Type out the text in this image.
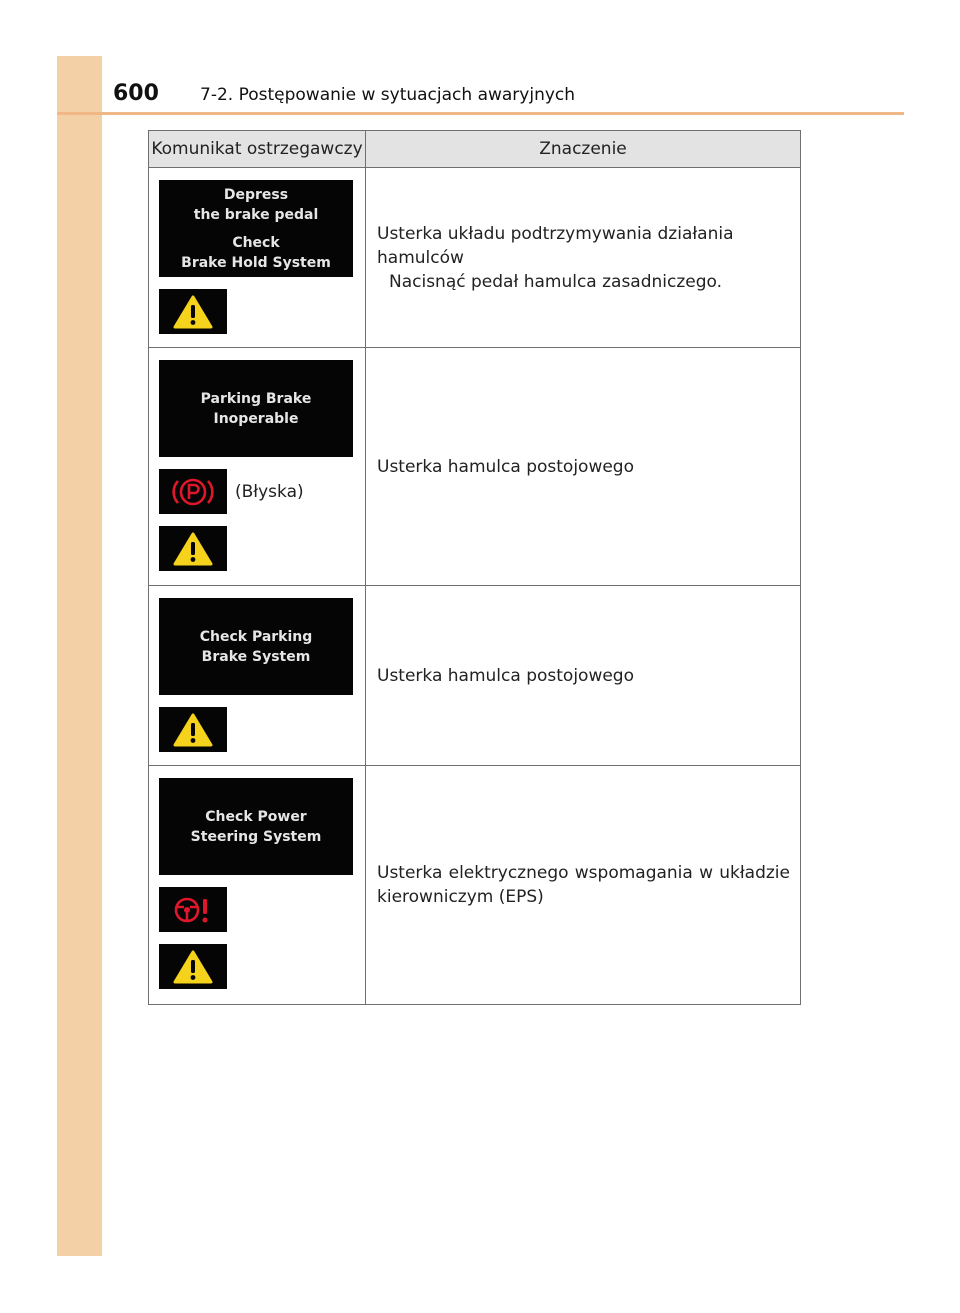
600 7-2. Postępowanie w sytuacjach awaryjnych
Komunikat ostrzegawczy	Znaczenie

Depress
the brake pedal
Check
Brake Hold System	Usterka układu podtrzymywania działania hamulców
Nacisnąć pedał hamulca zasadniczego.

Parking Brake
Inoperable
(Błyska)	Usterka hamulca postojowego

Check Parking
Brake System	Usterka hamulca postojowego

Check Power
Steering System	Usterka elektrycznego wspomagania w układzie kierowniczym (EPS)
